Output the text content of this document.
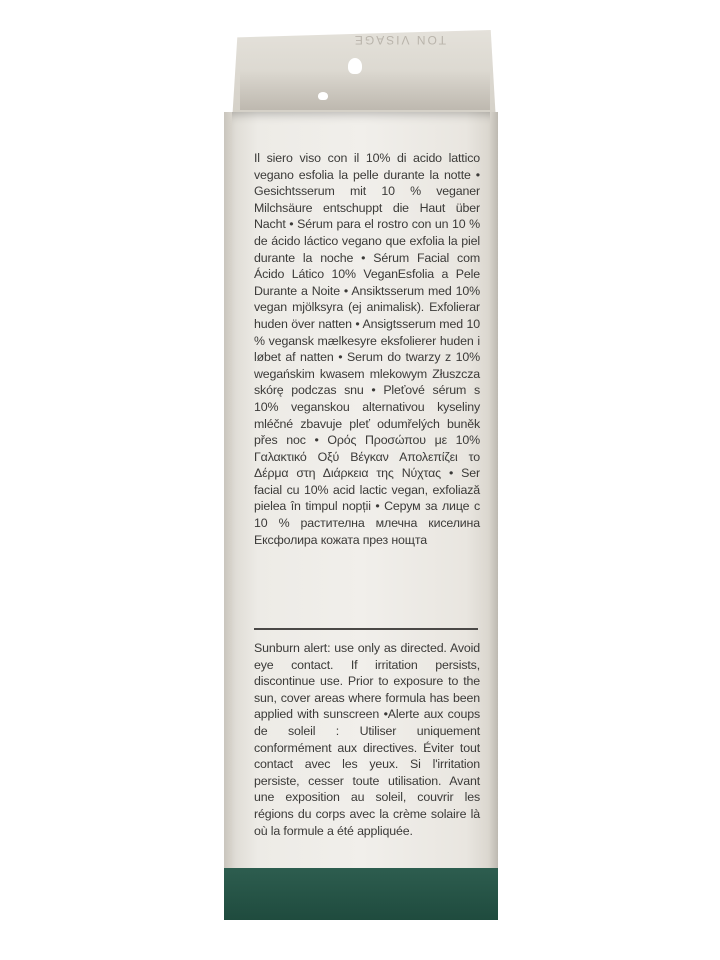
TON VISAGE
Il siero viso con il 10% di acido lattico vegano esfolia la pelle durante la notte • Gesichtsserum mit 10 % veganer Milchsäure entschuppt die Haut über Nacht • Sérum para el rostro con un 10 % de ácido láctico vegano que exfolia la piel durante la noche • Sérum Facial com Ácido Lático 10% VeganEsfolia a Pele Durante a Noite • Ansiktsserum med 10% vegan mjölksyra (ej animalisk). Exfolierar huden över natten • Ansigtsserum med 10 % vegansk mælkesyre eksfolierer huden i løbet af natten • Serum do twarzy z 10% wegańskim kwasem mlekowym Złuszcza skórę podczas snu • Pleťové sérum s 10% veganskou alternativou kyseliny mléčné zbavuje pleť odumřelých buněk přes noc • Ορός Προσώπου με 10% Γαλακτικό Οξύ Βέγκαν Απολεπίζει το Δέρμα στη Διάρκεια της Νύχτας • Ser facial cu 10% acid lactic vegan, exfoliază pielea în timpul nopții • Серум за лице с 10 % растителна млечна киселина Ексфолира кожата през нощта
Sunburn alert: use only as directed. Avoid eye contact. If irritation persists, discontinue use. Prior to exposure to the sun, cover areas where formula has been applied with sunscreen •Alerte aux coups de soleil : Utiliser uniquement conformément aux directives. Éviter tout contact avec les yeux. Si l'irritation persiste, cesser toute utilisation. Avant une exposition au soleil, couvrir les régions du corps avec la crème solaire là où la formule a été appliquée.
